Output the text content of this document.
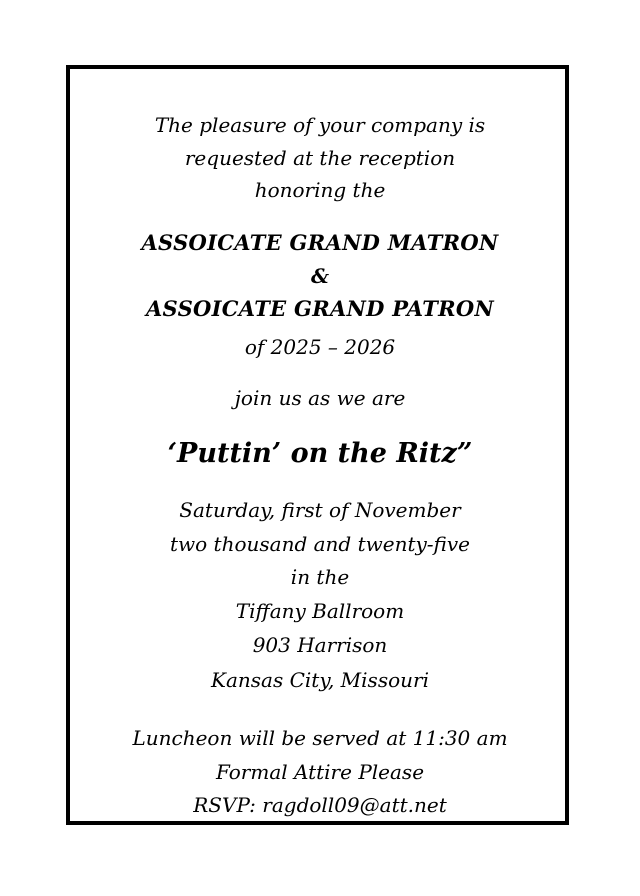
The pleasure of your company is
requested at the reception
honoring the
ASSOICATE GRAND MATRON
&
ASSOICATE GRAND PATRON
of 2025 – 2026
join us as we are
‘Puttin’ on the Ritz”
Saturday, first of November
two thousand and twenty-five
in the
Tiffany Ballroom
903 Harrison
Kansas City, Missouri
Luncheon will be served at 11:30 am
Formal Attire Please
RSVP: ragdoll09@att.net
